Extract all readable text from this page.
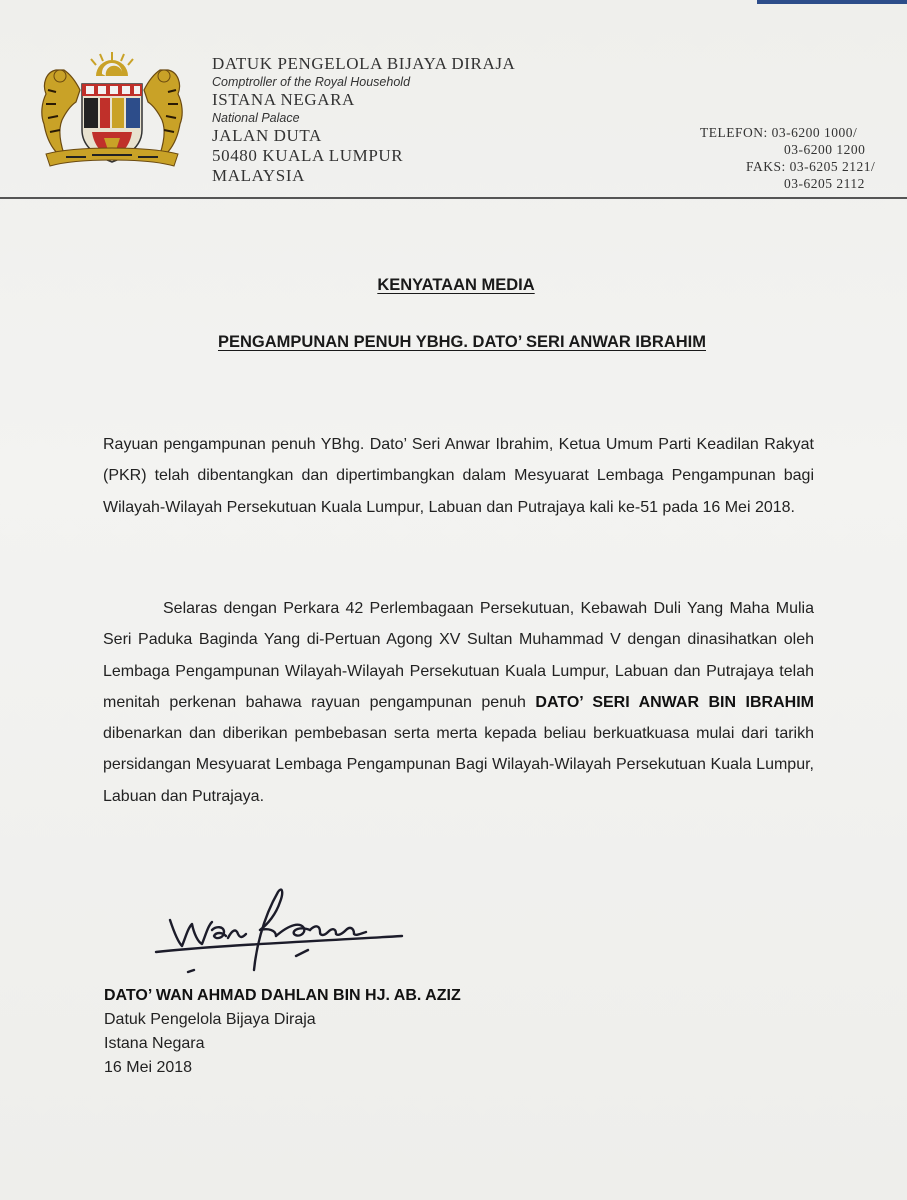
DATUK PENGELOLA BIJAYA DIRAJA
Comptroller of the Royal Household
ISTANA NEGARA
National Palace
JALAN DUTA
50480 KUALA LUMPUR
MALAYSIA
TELEFON:
03-6200 1000/
03-6200 1200
FAKS:
03-6205 2121/
03-6205 2112
KENYATAAN MEDIA
PENGAMPUNAN PENUH YBHG. DATO’ SERI ANWAR IBRAHIM
Rayuan pengampunan penuh YBhg. Dato’ Seri Anwar Ibrahim, Ketua Umum Parti Keadilan Rakyat (PKR) telah dibentangkan dan dipertimbangkan dalam Mesyuarat Lembaga Pengampunan bagi Wilayah-Wilayah Persekutuan Kuala Lumpur, Labuan dan Putrajaya kali ke-51 pada 16 Mei 2018.
Selaras dengan Perkara 42 Perlembagaan Persekutuan, Kebawah Duli Yang Maha Mulia Seri Paduka Baginda Yang di-Pertuan Agong XV Sultan Muhammad V dengan dinasihatkan oleh Lembaga Pengampunan Wilayah-Wilayah Persekutuan Kuala Lumpur, Labuan dan Putrajaya telah menitah perkenan bahawa rayuan pengampunan penuh DATO’ SERI ANWAR BIN IBRAHIM dibenarkan dan diberikan pembebasan serta merta kepada beliau berkuatkuasa mulai dari tarikh persidangan Mesyuarat Lembaga Pengampunan Bagi Wilayah-Wilayah Persekutuan Kuala Lumpur, Labuan dan Putrajaya.
DATO’ WAN AHMAD DAHLAN BIN HJ. AB. AZIZ
Datuk Pengelola Bijaya Diraja
Istana Negara
16 Mei 2018
